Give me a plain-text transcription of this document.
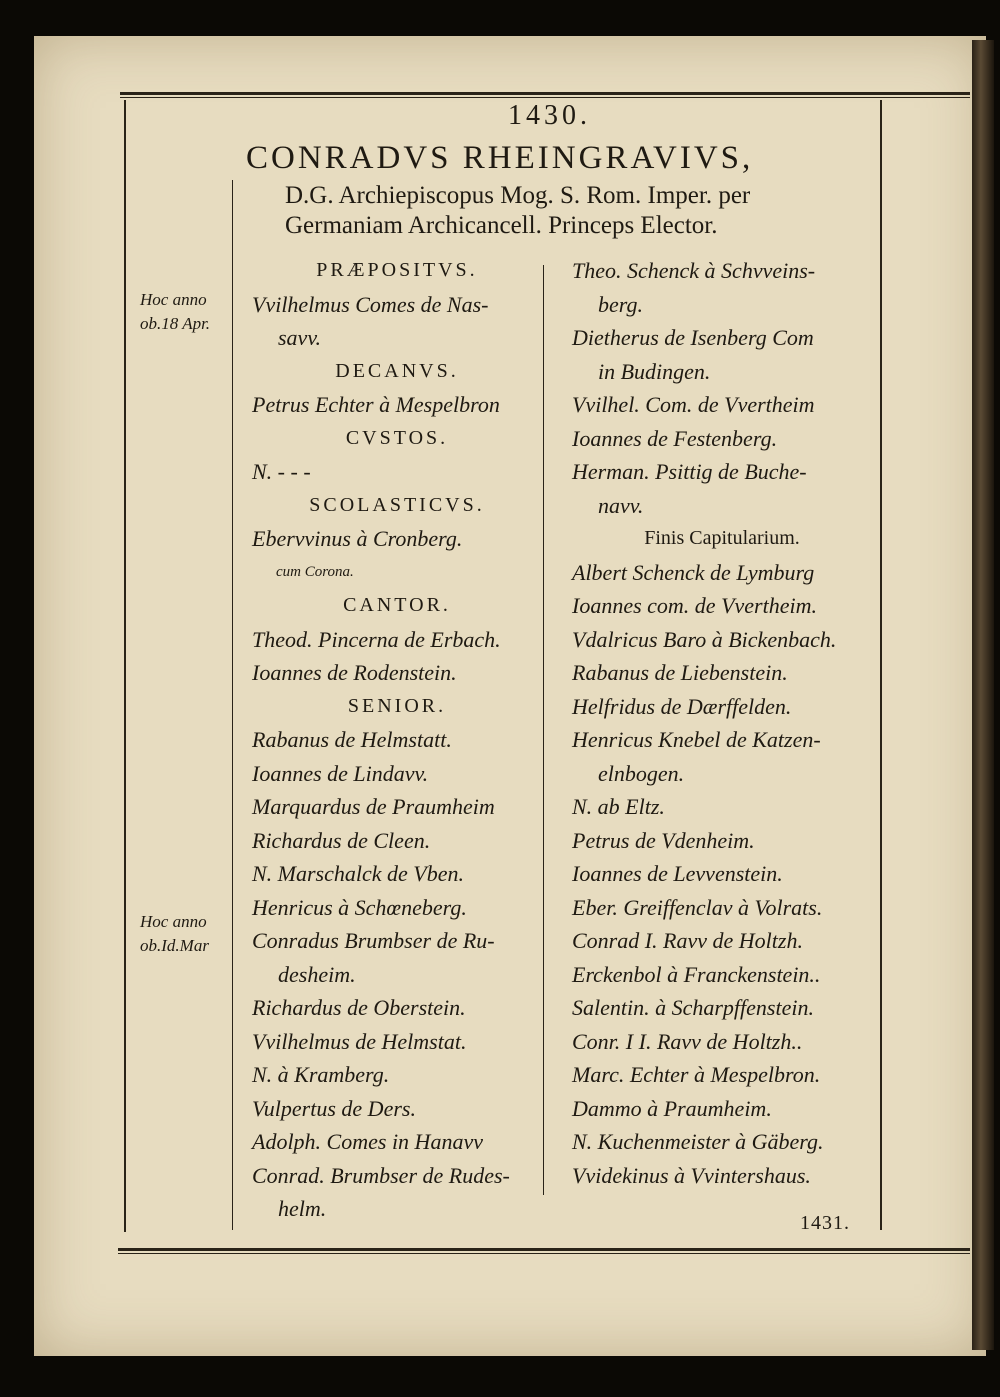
1430.
CONRADVS RHEINGRAVIVS,
D.G. Archiepiscopus Mog. S. Rom. Imper. per
Germaniam Archicancell. Princeps Elector.
Hoc anno
ob.18 Apr.
Hoc anno
ob.Id.Mar
PRÆPOSITVS.
Vvilhelmus Comes de Nas-
savv.
DECANVS.
Petrus Echter à Mespelbron
CVSTOS.
N. - - -
SCOLASTICVS.
Ebervvinus à Cronberg.
cum Corona.
CANTOR.
Theod. Pincerna de Erbach.
Ioannes de Rodenstein.
SENIOR.
Rabanus de Helmstatt.
Ioannes de Lindavv.
Marquardus de Praumheim
Richardus de Cleen.
N. Marschalck de Vben.
Henricus à Schœneberg.
Conradus Brumbser de Ru-
desheim.
Richardus de Oberstein.
Vvilhelmus de Helmstat.
N. à Kramberg.
Vulpertus de Ders.
Adolph. Comes in Hanavv
Conrad. Brumbser de Rudes-
helm.
Theo. Schenck à Schvveins-
berg.
Dietherus de Isenberg Com
in Budingen.
Vvilhel. Com. de Vvertheim
Ioannes de Festenberg.
Herman. Psittig de Buche-
navv.
Finis Capitularium.
Albert Schenck de Lymburg
Ioannes com. de Vvertheim.
Vdalricus Baro à Bickenbach.
Rabanus de Liebenstein.
Helfridus de Dærffelden.
Henricus Knebel de Katzen-
elnbogen.
N. ab Eltz.
Petrus de Vdenheim.
Ioannes de Levvenstein.
Eber. Greiffenclav à Volrats.
Conrad I. Ravv de Holtzh.
Erckenbol à Franckenstein..
Salentin. à Scharpffenstein.
Conr. I I. Ravv de Holtzh..
Marc. Echter à Mespelbron.
Dammo à Praumheim.
N. Kuchenmeister à Gäberg.
Vvidekinus à Vvintershaus.
1431.
